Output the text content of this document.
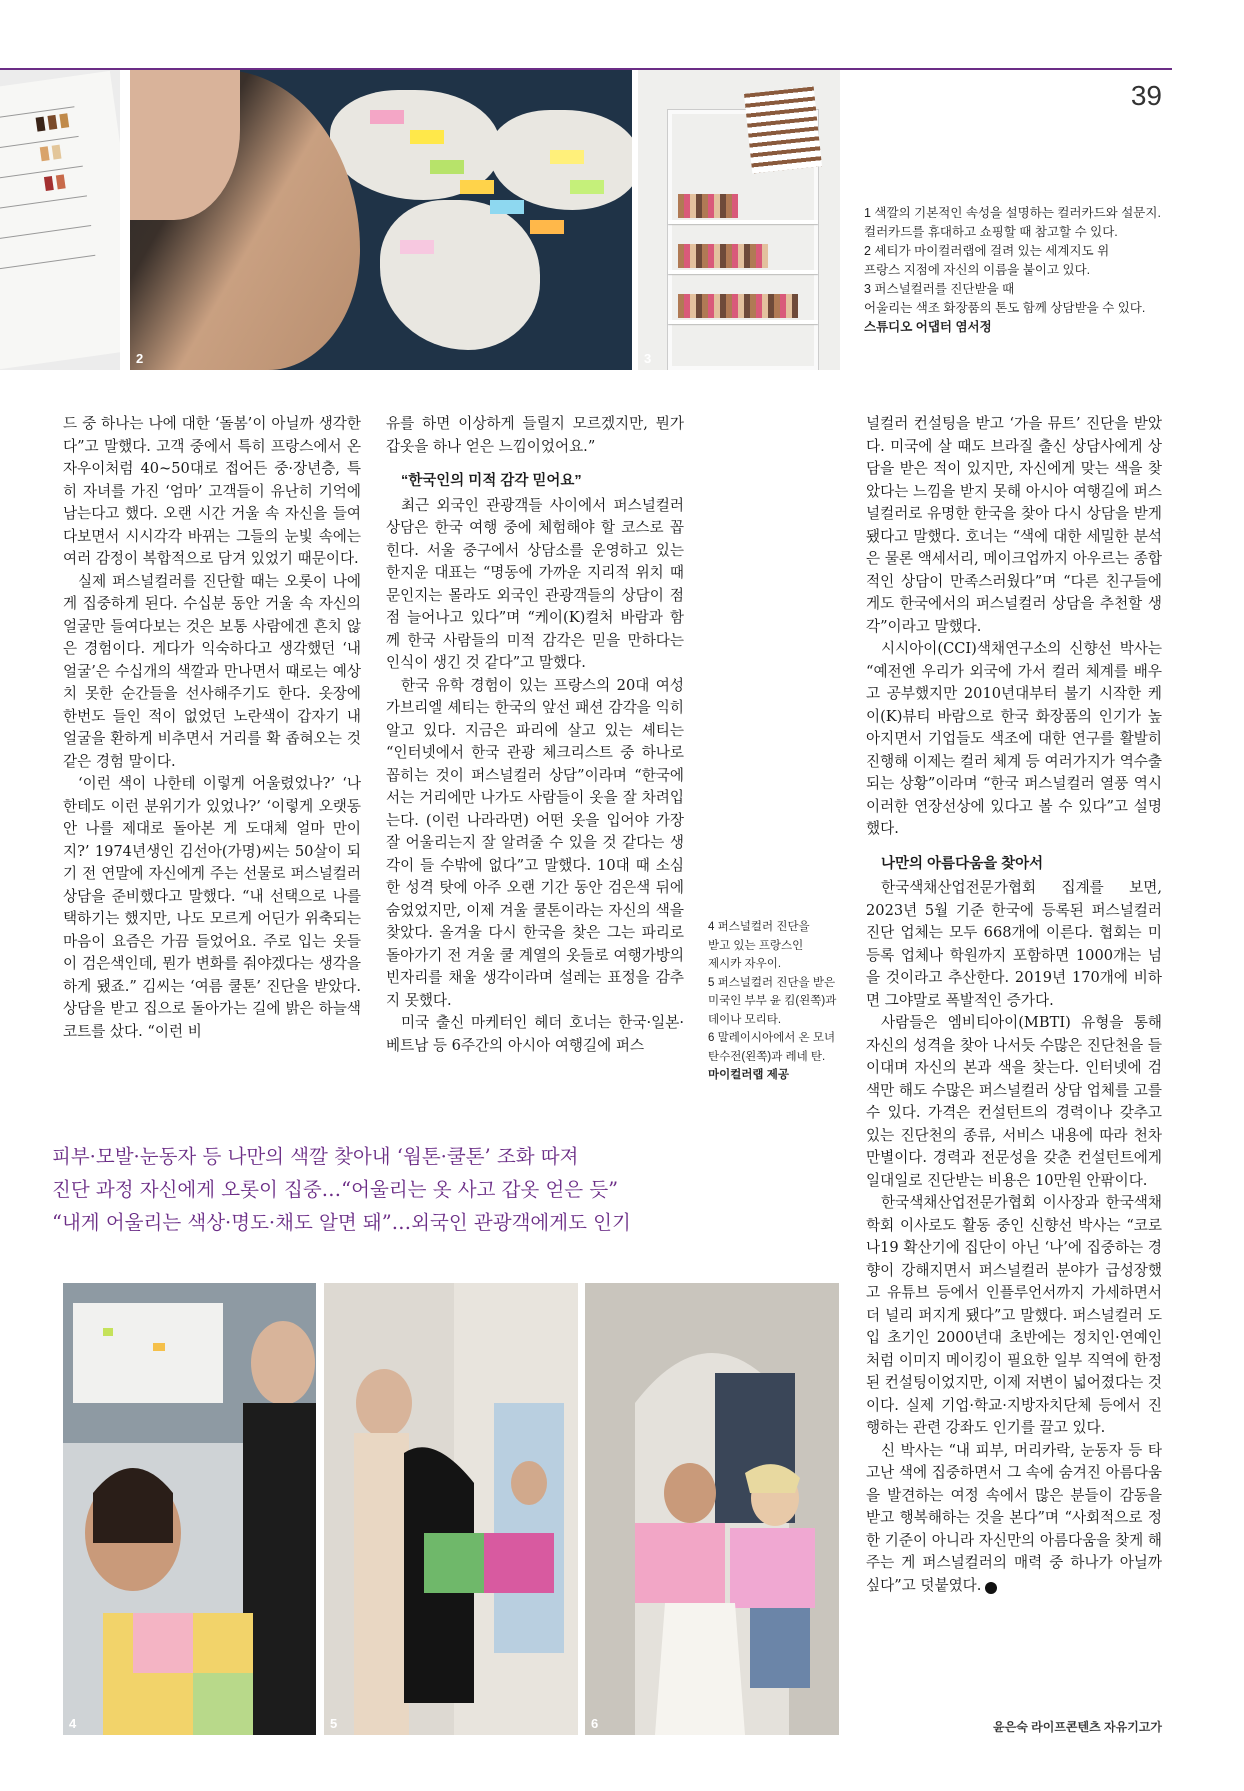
39
2	3

1 색깔의 기본적인 속성을 설명하는 컬러카드와 설문지.

컬러카드를 휴대하고 쇼핑할 때 참고할 수 있다.

2 셰티가 마이컬러랩에 걸려 있는 세계지도 위

프랑스 지점에 자신의 이름을 붙이고 있다.

3 퍼스널컬러를 진단받을 때

어울리는 색조 화장품의 톤도 함께 상담받을 수 있다.

스튜디오 어댑터 염서정

드 중 하나는 나에 대한 ‘돌봄’이 아닐까 생각한다”고 말했다. 고객 중에서 특히 프랑스에서 온 자우이처럼 40~50대로 접어든 중·장년층, 특히 자녀를 가진 ‘엄마’ 고객들이 유난히 기억에 남는다고 했다. 오랜 시간 거울 속 자신을 들여다보면서 시시각각 바뀌는 그들의 눈빛 속에는 여러 감정이 복합적으로 담겨 있었기 때문이다.

실제 퍼스널컬러를 진단할 때는 오롯이 나에게 집중하게 된다. 수십분 동안 거울 속 자신의 얼굴만 들여다보는 것은 보통 사람에겐 흔치 않은 경험이다. 게다가 익숙하다고 생각했던 ‘내 얼굴’은 수십개의 색깔과 만나면서 때로는 예상치 못한 순간들을 선사해주기도 한다. 옷장에 한번도 들인 적이 없었던 노란색이 갑자기 내 얼굴을 환하게 비추면서 거리를 확 좁혀오는 것 같은 경험 말이다.

‘이런 색이 나한테 이렇게 어울렸었나?’ ‘나한테도 이런 분위기가 있었나?’ ‘이렇게 오랫동안 나를 제대로 돌아본 게 도대체 얼마 만이지?’ 1974년생인 김선아(가명)씨는 50살이 되기 전 연말에 자신에게 주는 선물로 퍼스널컬러 상담을 준비했다고 말했다. “내 선택으로 나를 택하기는 했지만, 나도 모르게 어딘가 위축되는 마음이 요즘은 가끔 들었어요. 주로 입는 옷들이 검은색인데, 뭔가 변화를 줘야겠다는 생각을 하게 됐죠.” 김씨는 ‘여름 쿨톤’ 진단을 받았다. 상담을 받고 집으로 돌아가는 길에 밝은 하늘색 코트를 샀다. “이런 비

유를 하면 이상하게 들릴지 모르겠지만, 뭔가 갑옷을 하나 얻은 느낌이었어요.”

“한국인의 미적 감각 믿어요”

최근 외국인 관광객들 사이에서 퍼스널컬러 상담은 한국 여행 중에 체험해야 할 코스로 꼽힌다. 서울 중구에서 상담소를 운영하고 있는 한지운 대표는 “명동에 가까운 지리적 위치 때문인지는 몰라도 외국인 관광객들의 상담이 점점 늘어나고 있다”며 “케이(K)컬처 바람과 함께 한국 사람들의 미적 감각은 믿을 만하다는 인식이 생긴 것 같다”고 말했다.

한국 유학 경험이 있는 프랑스의 20대 여성 가브리엘 셰티는 한국의 앞선 패션 감각을 익히 알고 있다. 지금은 파리에 살고 있는 셰티는 “인터넷에서 한국 관광 체크리스트 중 하나로 꼽히는 것이 퍼스널컬러 상담”이라며 “한국에서는 거리에만 나가도 사람들이 옷을 잘 차려입는다. (이런 나라라면) 어떤 옷을 입어야 가장 잘 어울리는지 잘 알려줄 수 있을 것 같다는 생각이 들 수밖에 없다”고 말했다. 10대 때 소심한 성격 탓에 아주 오랜 기간 동안 검은색 뒤에 숨었었지만, 이제 겨울 쿨톤이라는 자신의 색을 찾았다. 올겨울 다시 한국을 찾은 그는 파리로 돌아가기 전 겨울 쿨 계열의 옷들로 여행가방의 빈자리를 채울 생각이라며 설레는 표정을 감추지 못했다.

미국 출신 마케터인 헤더 호너는 한국·일본·베트남 등 6주간의 아시아 여행길에 퍼스

4 퍼스널컬러 진단을

받고 있는 프랑스인

제시카 자우이.

5 퍼스널컬러 진단을 받은

미국인 부부 윤 킴(왼쪽)과

데이나 모리타.

6 말레이시아에서 온 모녀

탄수전(왼쪽)과 레네 탄.

마이컬러랩 제공

널컬러 컨설팅을 받고 ‘가을 뮤트’ 진단을 받았다. 미국에 살 때도 브라질 출신 상담사에게 상담을 받은 적이 있지만, 자신에게 맞는 색을 찾았다는 느낌을 받지 못해 아시아 여행길에 퍼스널컬러로 유명한 한국을 찾아 다시 상담을 받게 됐다고 말했다. 호너는 “색에 대한 세밀한 분석은 물론 액세서리, 메이크업까지 아우르는 종합적인 상담이 만족스러웠다”며 “다른 친구들에게도 한국에서의 퍼스널컬러 상담을 추천할 생각”이라고 말했다.

시시아이(CCI)색채연구소의 신향선 박사는 “예전엔 우리가 외국에 가서 컬러 체계를 배우고 공부했지만 2010년대부터 불기 시작한 케이(K)뷰티 바람으로 한국 화장품의 인기가 높아지면서 기업들도 색조에 대한 연구를 활발히 진행해 이제는 컬러 체계 등 여러가지가 역수출되는 상황”이라며 “한국 퍼스널컬러 열풍 역시 이러한 연장선상에 있다고 볼 수 있다”고 설명했다.

나만의 아름다움을 찾아서

한국색채산업전문가협회 집계를 보면, 2023년 5월 기준 한국에 등록된 퍼스널컬러 진단 업체는 모두 668개에 이른다. 협회는 미등록 업체나 학원까지 포함하면 1000개는 넘을 것이라고 추산한다. 2019년 170개에 비하면 그야말로 폭발적인 증가다.

사람들은 엠비티아이(MBTI) 유형을 통해 자신의 성격을 찾아 나서듯 수많은 진단천을 들이대며 자신의 본과 색을 찾는다. 인터넷에 검색만 해도 수많은 퍼스널컬러 상담 업체를 고를 수 있다. 가격은 컨설턴트의 경력이나 갖추고 있는 진단천의 종류, 서비스 내용에 따라 천차만별이다. 경력과 전문성을 갖춘 컨설턴트에게 일대일로 진단받는 비용은 10만원 안팎이다.

한국색채산업전문가협회 이사장과 한국색채학회 이사로도 활동 중인 신향선 박사는 “코로나19 확산기에 집단이 아닌 ‘나’에 집중하는 경향이 강해지면서 퍼스널컬러 분야가 급성장했고 유튜브 등에서 인플루언서까지 가세하면서 더 널리 퍼지게 됐다”고 말했다. 퍼스널컬러 도입 초기인 2000년대 초반에는 정치인·연예인처럼 이미지 메이킹이 필요한 일부 직역에 한정된 컨설팅이었지만, 이제 저변이 넓어졌다는 것이다. 실제 기업·학교·지방자치단체 등에서 진행하는 관련 강좌도 인기를 끌고 있다.

신 박사는 “내 피부, 머리카락, 눈동자 등 타고난 색에 집중하면서 그 속에 숨겨진 아름다움을 발견하는 여정 속에서 많은 분들이 감동을 받고 행복해하는 것을 본다”며 “사회적으로 정한 기준이 아니라 자신만의 아름다움을 찾게 해주는 게 퍼스널컬러의 매력 중 하나가 아닐까 싶다”고 덧붙였다. ➔

피부·모발·눈동자 등 나만의 색깔 찾아내 ‘웜톤·쿨톤’ 조화 따져

진단 과정 자신에게 오롯이 집중…“어울리는 옷 사고 갑옷 얻은 듯”

“내게 어울리는 색상·명도·채도 알면 돼”…외국인 관광객에게도 인기

4	5	6	윤은숙 라이프콘텐츠 자유기고가
